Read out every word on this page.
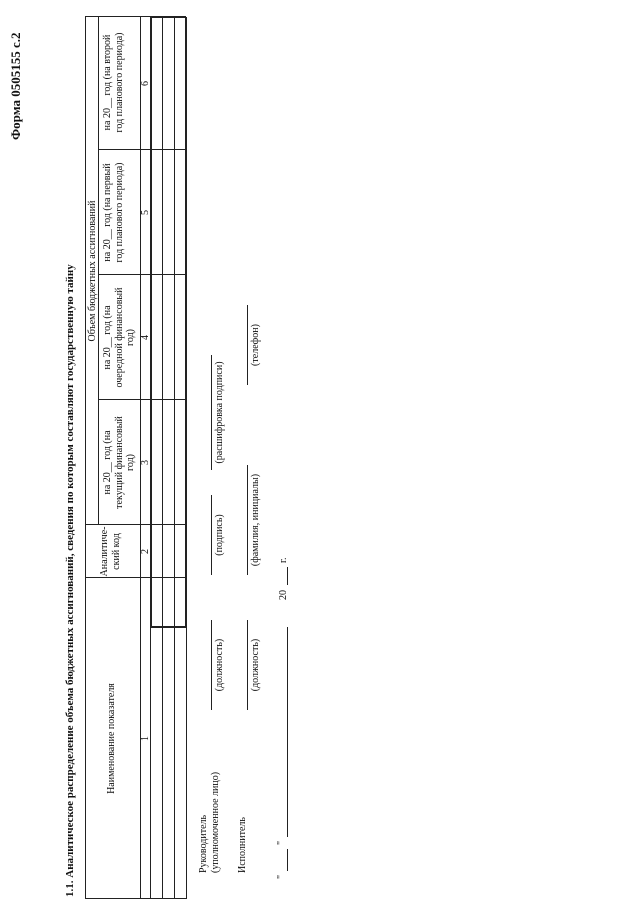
Форма 0505155 с.2
1.1. Аналитическое распределение объема бюджетных ассигнований, сведения по которым составляют государственную тайну	Наименование показателя
Аналитиче-ский код
Объем бюджетных ассигнований
на 20__ год (на текущий финансовый год)
на 20__ год (на очередной финансовый год)
на 20__ год (на первый год планового периода)
на 20__ год (на второй год планового периода)
1
2
3
4
5
6
Руководитель (уполномоченное лицо)
(должность)
(подпись)
(расшифровка подписи)
Исполнитель
(должность)
(фамилия, инициалы)
(телефон)
"
"
20
г.
